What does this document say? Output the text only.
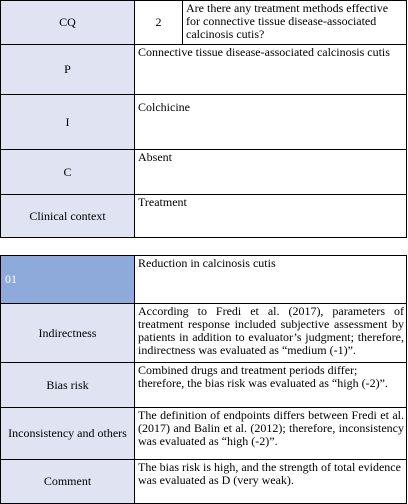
CQ	2	Are there any treatment methods effective for connective tissue disease-associated calcinosis cutis?
P	Connective tissue disease-associated calcinosis cutis	
I	Colchicine	
C	Absent	
Clinical context	Treatment	
01	Reduction in calcinosis cutis
Indirectness	According to Fredi et al. (2017), parameters of treatment response included subjective assessment by patients in addition to evaluator’s judgment; therefore, indirectness was evaluated as “medium (-1)”.
Bias risk	Combined drugs and treatment periods differ; therefore, the bias risk was evaluated as “high (-2)”.
Inconsistency and others	The definition of endpoints differs between Fredi et al. (2017) and Balin et al. (2012); therefore, inconsistency was evaluated as “high (-2)”.
Comment	The bias risk is high, and the strength of total evidence was evaluated as D (very weak).
